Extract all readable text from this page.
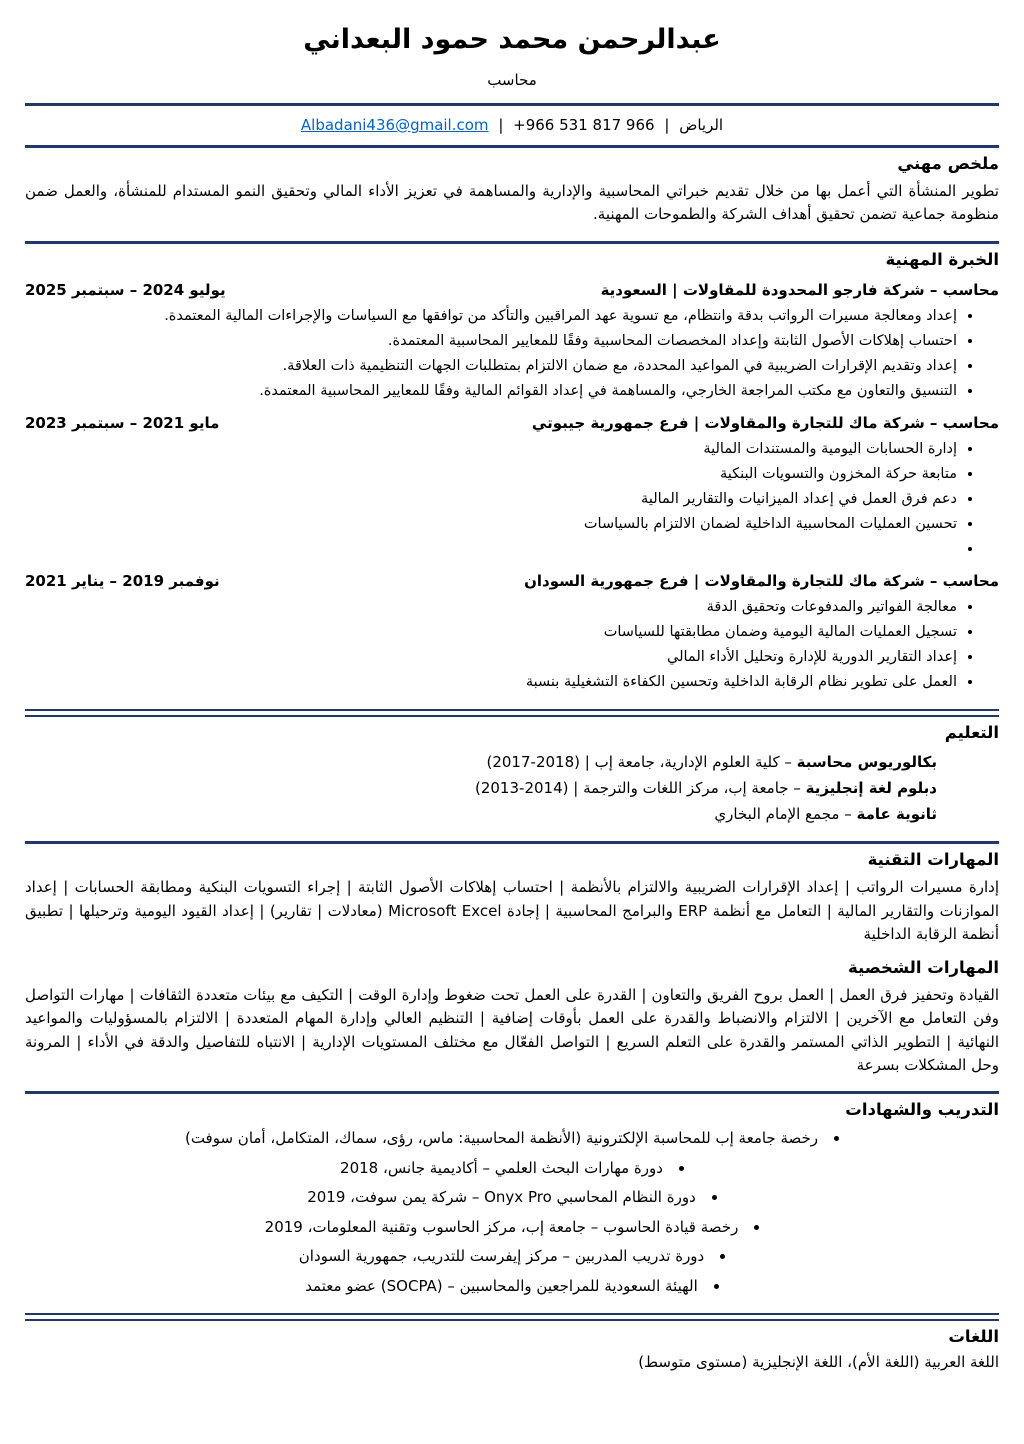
عبدالرحمن محمد حمود البعداني
محاسب
الرياض | +966 531 817 966 | Albadani436@gmail.com
ملخص مهني

تطوير المنشأة التي أعمل بها من خلال تقديم خبراتي المحاسبية والإدارية والمساهمة في تعزيز الأداء المالي وتحقيق النمو المستدام للمنشأة، والعمل ضمن منظومة جماعية تضمن تحقيق أهداف الشركة والطموحات المهنية.

الخبرة المهنية
محاسب – شركة فارجو المحدودة للمقاولات | السعودية
يوليو 2024 – سبتمبر 2025
• إعداد ومعالجة مسيرات الرواتب بدقة وانتظام، مع تسوية عهد المراقبين والتأكد من توافقها مع السياسات والإجراءات المالية المعتمدة.
• احتساب إهلاكات الأصول الثابتة وإعداد المخصصات المحاسبية وفقًا للمعايير المحاسبية المعتمدة.
• إعداد وتقديم الإقرارات الضريبية في المواعيد المحددة، مع ضمان الالتزام بمتطلبات الجهات التنظيمية ذات العلاقة.
• التنسيق والتعاون مع مكتب المراجعة الخارجي، والمساهمة في إعداد القوائم المالية وفقًا للمعايير المحاسبية المعتمدة.
محاسب – شركة ماك للتجارة والمقاولات | فرع جمهورية جيبوتي
مايو 2021 – سبتمبر 2023
• إدارة الحسابات اليومية والمستندات المالية
• متابعة حركة المخزون والتسويات البنكية
• دعم فرق العمل في إعداد الميزانيات والتقارير المالية
• تحسين العمليات المحاسبية الداخلية لضمان الالتزام بالسياسات
•
محاسب – شركة ماك للتجارة والمقاولات | فرع جمهورية السودان
نوفمبر 2019 – يناير 2021
• معالجة الفواتير والمدفوعات وتحقيق الدقة
• تسجيل العمليات المالية اليومية وضمان مطابقتها للسياسات
• إعداد التقارير الدورية للإدارة وتحليل الأداء المالي
• العمل على تطوير نظام الرقابة الداخلية وتحسين الكفاءة التشغيلية بنسبة
التعليم
بكالوريوس محاسبة – كلية العلوم الإدارية، جامعة إب | (2018-2017)
دبلوم لغة إنجليزية – جامعة إب، مركز اللغات والترجمة | (2014-2013)
ثانوية عامة – مجمع الإمام البخاري
المهارات التقنية

إدارة مسيرات الرواتب | إعداد الإقرارات الضريبية والالتزام بالأنظمة | احتساب إهلاكات الأصول الثابتة | إجراء التسويات البنكية ومطابقة الحسابات | إعداد الموازنات والتقارير المالية | التعامل مع أنظمة ERP والبرامج المحاسبية | إجادة Microsoft Excel (معادلات | تقارير) | إعداد القيود اليومية وترحيلها | تطبيق أنظمة الرقابة الداخلية

المهارات الشخصية

القيادة وتحفيز فرق العمل | العمل بروح الفريق والتعاون | القدرة على العمل تحت ضغوط وإدارة الوقت | التكيف مع بيئات متعددة الثقافات | مهارات التواصل وفن التعامل مع الآخرين | الالتزام والانضباط والقدرة على العمل بأوقات إضافية | التنظيم العالي وإدارة المهام المتعددة | الالتزام بالمسؤوليات والمواعيد النهائية | التطوير الذاتي المستمر والقدرة على التعلم السريع | التواصل الفعّال مع مختلف المستويات الإدارية | الانتباه للتفاصيل والدقة في الأداء | المرونة وحل المشكلات بسرعة

التدريب والشهادات
• رخصة جامعة إب للمحاسبة الإلكترونية (الأنظمة المحاسبية: ماس، رؤى، سماك، المتكامل، أمان سوفت)
• دورة مهارات البحث العلمي – أكاديمية جانس، 2018
• دورة النظام المحاسبي Onyx Pro – شركة يمن سوفت، 2019
• رخصة قيادة الحاسوب – جامعة إب، مركز الحاسوب وتقنية المعلومات، 2019
• دورة تدريب المدربين – مركز إيفرست للتدريب، جمهورية السودان
• الهيئة السعودية للمراجعين والمحاسبين – (SOCPA) عضو معتمد
اللغات

اللغة العربية (اللغة الأم)، اللغة الإنجليزية (مستوى متوسط)
